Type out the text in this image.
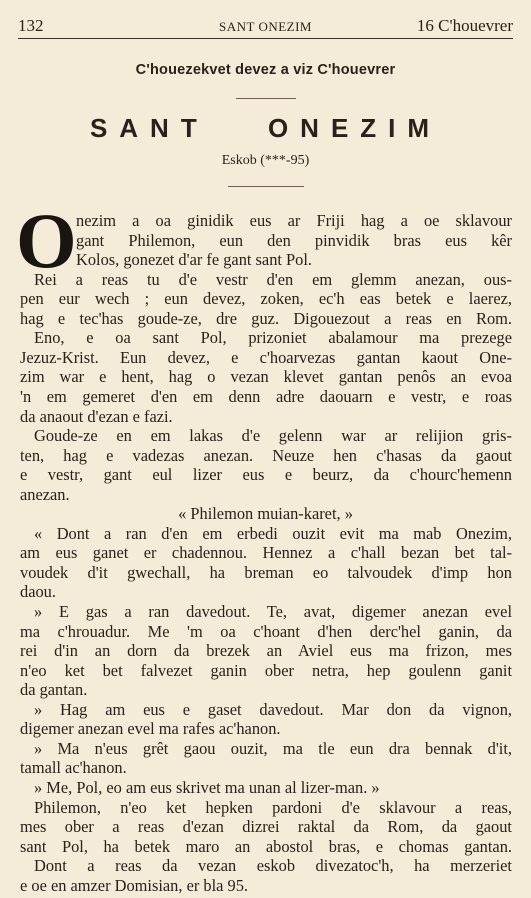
132	SANT ONEZIM	16 C'houevrer
C'houezekvet devez a viz C'houevrer
SANT ONEZIM
Eskob (***-95)
O nezim a oa ginidik eus ar Friji hag a oe sklavour
gant Philemon, eun den pinvidik bras eus kêr
Kolos, gonezet d'ar fe gant sant Pol.
Rei a reas tu d'e vestr d'en em glemm anezan, ous-
pen eur wech ; eun devez, zoken, ec'h eas betek e laerez,
hag e tec'has goude-ze, dre guz. Digouezout a reas en Rom.
Eno, e oa sant Pol, prizoniet abalamour ma prezege
Jezuz-Krist. Eun devez, e c'hoarvezas gantan kaout One-
zim war e hent, hag o vezan klevet gantan penôs an evoa
'n em gemeret d'en em denn adre daouarn e vestr, e roas
da anaout d'ezan e fazi.
Goude-ze en em lakas d'e gelenn war ar relijion gris-
ten, hag e vadezas anezan. Neuze hen c'hasas da gaout
e vestr, gant eul lizer eus e beurz, da c'hourc'hemenn
anezan.
« Philemon muian-karet, »
« Dont a ran d'en em erbedi ouzit evit ma mab Onezim,
am eus ganet er chadennou. Hennez a c'hall bezan bet tal-
voudek d'it gwechall, ha breman eo talvoudek d'imp hon
daou.
» E gas a ran davedout. Te, avat, digemer anezan evel
ma c'hrouadur. Me 'm oa c'hoant d'hen derc'hel ganin, da
rei d'in an dorn da brezek an Aviel eus ma frizon, mes
n'eo ket bet falvezet ganin ober netra, hep goulenn ganit
da gantan.
» Hag am eus e gaset davedout. Mar don da vignon,
digemer anezan evel ma rafes ac'hanon.
» Ma n'eus grêt gaou ouzit, ma tle eun dra bennak d'it,
tamall ac'hanon.
» Me, Pol, eo am eus skrivet ma unan al lizer-man. »
Philemon, n'eo ket hepken pardoni d'e sklavour a reas,
mes ober a reas d'ezan dizrei raktal da Rom, da gaout
sant Pol, ha betek maro an abostol bras, e chomas gantan.
Dont a reas da vezan eskob divezatoc'h, ha merzeriet
e oe en amzer Domisian, er bla 95.
